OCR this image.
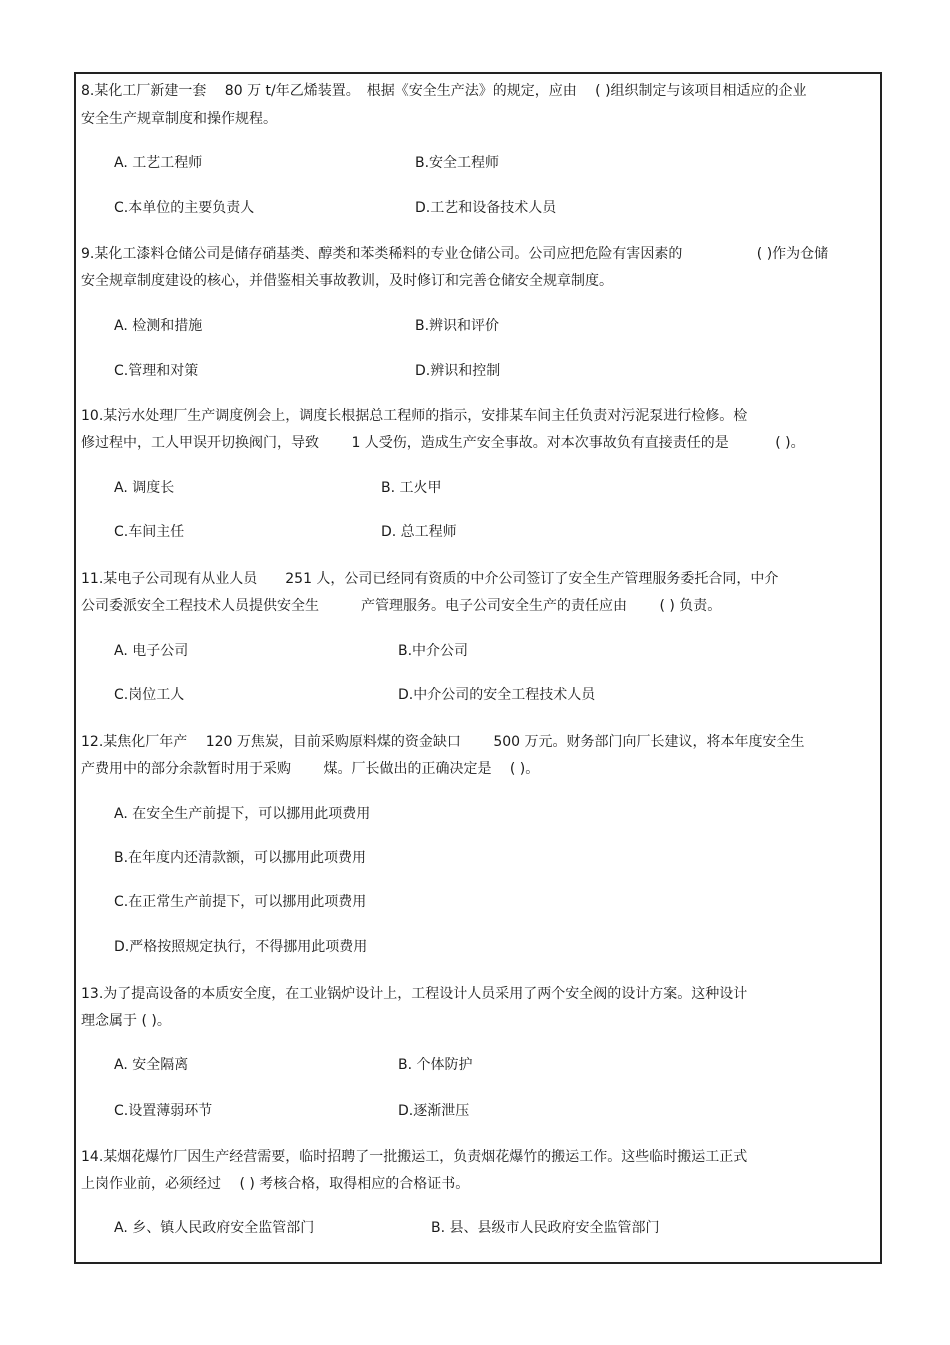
8.某化工厂新建一套　 80 万 t/年乙烯装置。　根据《安全生产法》的规定，应由　 ( )组织制定与该项目相适应的企业
安全生产规章制度和操作规程。
A. 工艺工程师	B.安全工程师
C.本单位的主要负责人	D.工艺和设备技术人员
9.某化工漆料仓储公司是储存硝基类、醇类和苯类稀料的专业仓储公司。公司应把危险有害因素的　　　　　 ( )作为仓储
安全规章制度建设的核心，并借鉴相关事故教训，及时修订和完善仓储安全规章制度。
A. 检测和措施	B.辨识和评价
C.管理和对策	D.辨识和控制
10.某污水处理厂生产调度例会上，调度长根据总工程师的指示，安排某车间主任负责对污泥泵进行检修。检
修过程中，工人甲误开切换阀门，导致　　 1 人受伤，造成生产安全事故。对本次事故负有直接责任的是　　　 ( )。
A. 调度长	B. 工火甲
C.车间主任	D. 总工程师
11.某电子公司现有从业人员　　251 人，公司已经同有资质的中介公司签订了安全生产管理服务委托合同，中介
公司委派安全工程技术人员提供安全生　　　产管理服务。电子公司安全生产的责任应由　　 ( ) 负责。
A. 电子公司	B.中介公司
C.岗位工人	D.中介公司的安全工程技术人员
12.某焦化厂年产　 120 万焦炭，目前采购原料煤的资金缺口　　 500 万元。财务部门向厂长建议，将本年度安全生
产费用中的部分余款暂时用于采购　　 煤。厂长做出的正确决定是　 ( )。
A. 在安全生产前提下，可以挪用此项费用
B.在年度内还清款额，可以挪用此项费用
C.在正常生产前提下，可以挪用此项费用
D.严格按照规定执行，不得挪用此项费用
13.为了提高设备的本质安全度，在工业锅炉设计上，工程设计人员采用了两个安全阀的设计方案。这种设计
理念属于 ( )。
A. 安全隔离	B. 个体防护
C.设置薄弱环节	D.逐渐泄压
14.某烟花爆竹厂因生产经营需要，临时招聘了一批搬运工，负责烟花爆竹的搬运工作。这些临时搬运工正式
上岗作业前，必须经过　 ( ) 考核合格，取得相应的合格证书。
A. 乡、镇人民政府安全监管部门	B. 县、县级市人民政府安全监管部门
